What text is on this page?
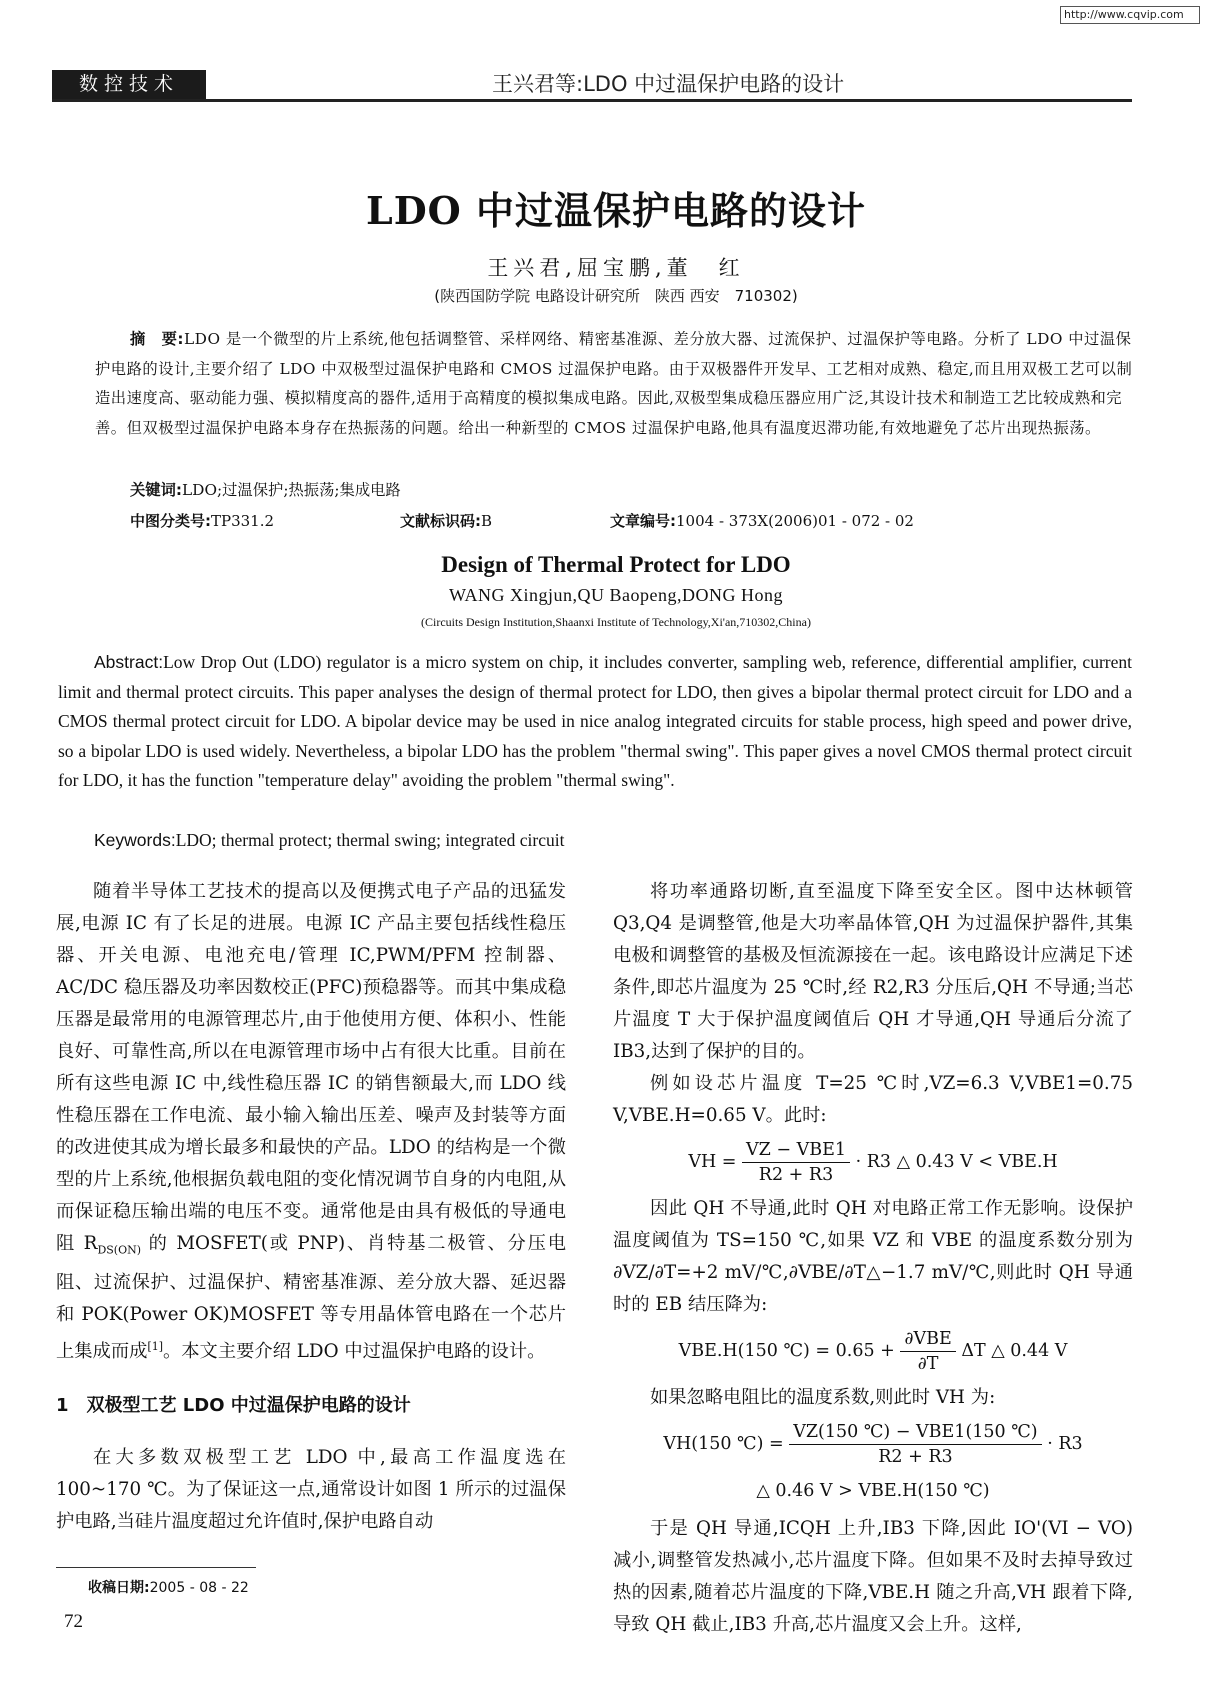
http://www.cqvip.com
数控技术	王兴君等:LDO 中过温保护电路的设计
LDO 中过温保护电路的设计
王兴君,屈宝鹏,董　红
(陕西国防学院 电路设计研究所　陕西 西安　710302)
摘　要:LDO 是一个微型的片上系统,他包括调整管、采样网络、精密基准源、差分放大器、过流保护、过温保护等电路。分析了 LDO 中过温保护电路的设计,主要介绍了 LDO 中双极型过温保护电路和 CMOS 过温保护电路。由于双极器件开发早、工艺相对成熟、稳定,而且用双极工艺可以制造出速度高、驱动能力强、模拟精度高的器件,适用于高精度的模拟集成电路。因此,双极型集成稳压器应用广泛,其设计技术和制造工艺比较成熟和完善。但双极型过温保护电路本身存在热振荡的问题。给出一种新型的 CMOS 过温保护电路,他具有温度迟滞功能,有效地避免了芯片出现热振荡。
关键词:LDO;过温保护;热振荡;集成电路
中图分类号:TP331.2	文献标识码:B	文章编号:1004 - 373X(2006)01 - 072 - 02
Design of Thermal Protect for LDO
WANG Xingjun,QU Baopeng,DONG Hong
(Circuits Design Institution,Shaanxi Institute of Technology,Xi'an,710302,China)
Abstract:Low Drop Out (LDO) regulator is a micro system on chip, it includes converter, sampling web, reference, differential amplifier, current limit and thermal protect circuits. This paper analyses the design of thermal protect for LDO, then gives a bipolar thermal protect circuit for LDO and a CMOS thermal protect circuit for LDO. A bipolar device may be used in nice analog integrated circuits for stable process, high speed and power drive, so a bipolar LDO is used widely. Nevertheless, a bipolar LDO has the problem "thermal swing". This paper gives a novel CMOS thermal protect circuit for LDO, it has the function "temperature delay" avoiding the problem "thermal swing".
Keywords:LDO; thermal protect; thermal swing; integrated circuit

随着半导体工艺技术的提高以及便携式电子产品的迅猛发展,电源 IC 有了长足的进展。电源 IC 产品主要包括线性稳压器、开关电源、电池充电/管理 IC,PWM/PFM 控制器、AC/DC 稳压器及功率因数校正(PFC)预稳器等。而其中集成稳压器是最常用的电源管理芯片,由于他使用方便、体积小、性能良好、可靠性高,所以在电源管理市场中占有很大比重。目前在所有这些电源 IC 中,线性稳压器 IC 的销售额最大,而 LDO 线性稳压器在工作电流、最小输入输出压差、噪声及封装等方面的改进使其成为增长最多和最快的产品。LDO 的结构是一个微型的片上系统,他根据负载电阻的变化情况调节自身的内电阻,从而保证稳压输出端的电压不变。通常他是由具有极低的导通电阻 $R_{DS(ON)}$ 的 MOSFET(或 PNP)、肖特基二极管、分压电阻、过流保护、过温保护、精密基准源、差分放大器、延迟器和 POK(Power OK)MOSFET 等专用晶体管电路在一个芯片上集成而成[1]。本文主要介绍 LDO 中过温保护电路的设计。

1　双极型工艺 LDO 中过温保护电路的设计

在大多数双极型工艺 LDO 中,最高工作温度选在 100~170 ℃。为了保证这一点,通常设计如图 1 所示的过温保护电路,当硅片温度超过允许值时,保护电路自动

将功率通路切断,直至温度下降至安全区。图中达林顿管 Q3,Q4 是调整管,他是大功率晶体管,QH 为过温保护器件,其集电极和调整管的基极及恒流源接在一起。该电路设计应满足下述条件,即芯片温度为 25 ℃时,经 R2,R3 分压后,QH 不导通;当芯片温度 T 大于保护温度阈值后 QH 才导通,QH 导通后分流了 IB3,达到了保护的目的。

例如设芯片温度 T=25 ℃时,VZ=6.3 V,VBE1=0.75 V,VBE.H=0.65 V。此时:

VH = $\frac{\text{VZ − VBE1}}{R2 + R3} \cdot R3$ △ 0.43 V < VBE.H

因此 QH 不导通,此时 QH 对电路正常工作无影响。设保护温度阈值为 TS=150 ℃,如果 VZ 和 VBE 的温度系数分别为∂VZ/∂T=+2 mV/℃,∂VBE/∂T△−1.7 mV/℃,则此时 QH 导通时的 EB 结压降为:

VBE.H(150 ℃) = $0.65 + \frac{\text{∂VBE}}{\partial T}$ ΔT △ 0.44 V

如果忽略电阻比的温度系数,则此时 VH 为:

VH(150 ℃) = $\frac{\text{VZ(150 ℃) − VBE1(150 ℃)}}{R2 + R3} \cdot R3$
△ 0.46 V > VBE.H(150 ℃)

于是 QH 导通,ICQH 上升,IB3 下降,因此 IO'(VI − VO) 减小,调整管发热减小,芯片温度下降。但如果不及时去掉导致过热的因素,随着芯片温度的下降,VBE.H 随之升高,VH 跟着下降,导致 QH 截止,IB3 升高,芯片温度又会上升。这样,

收稿日期:2005 - 08 - 22
72
